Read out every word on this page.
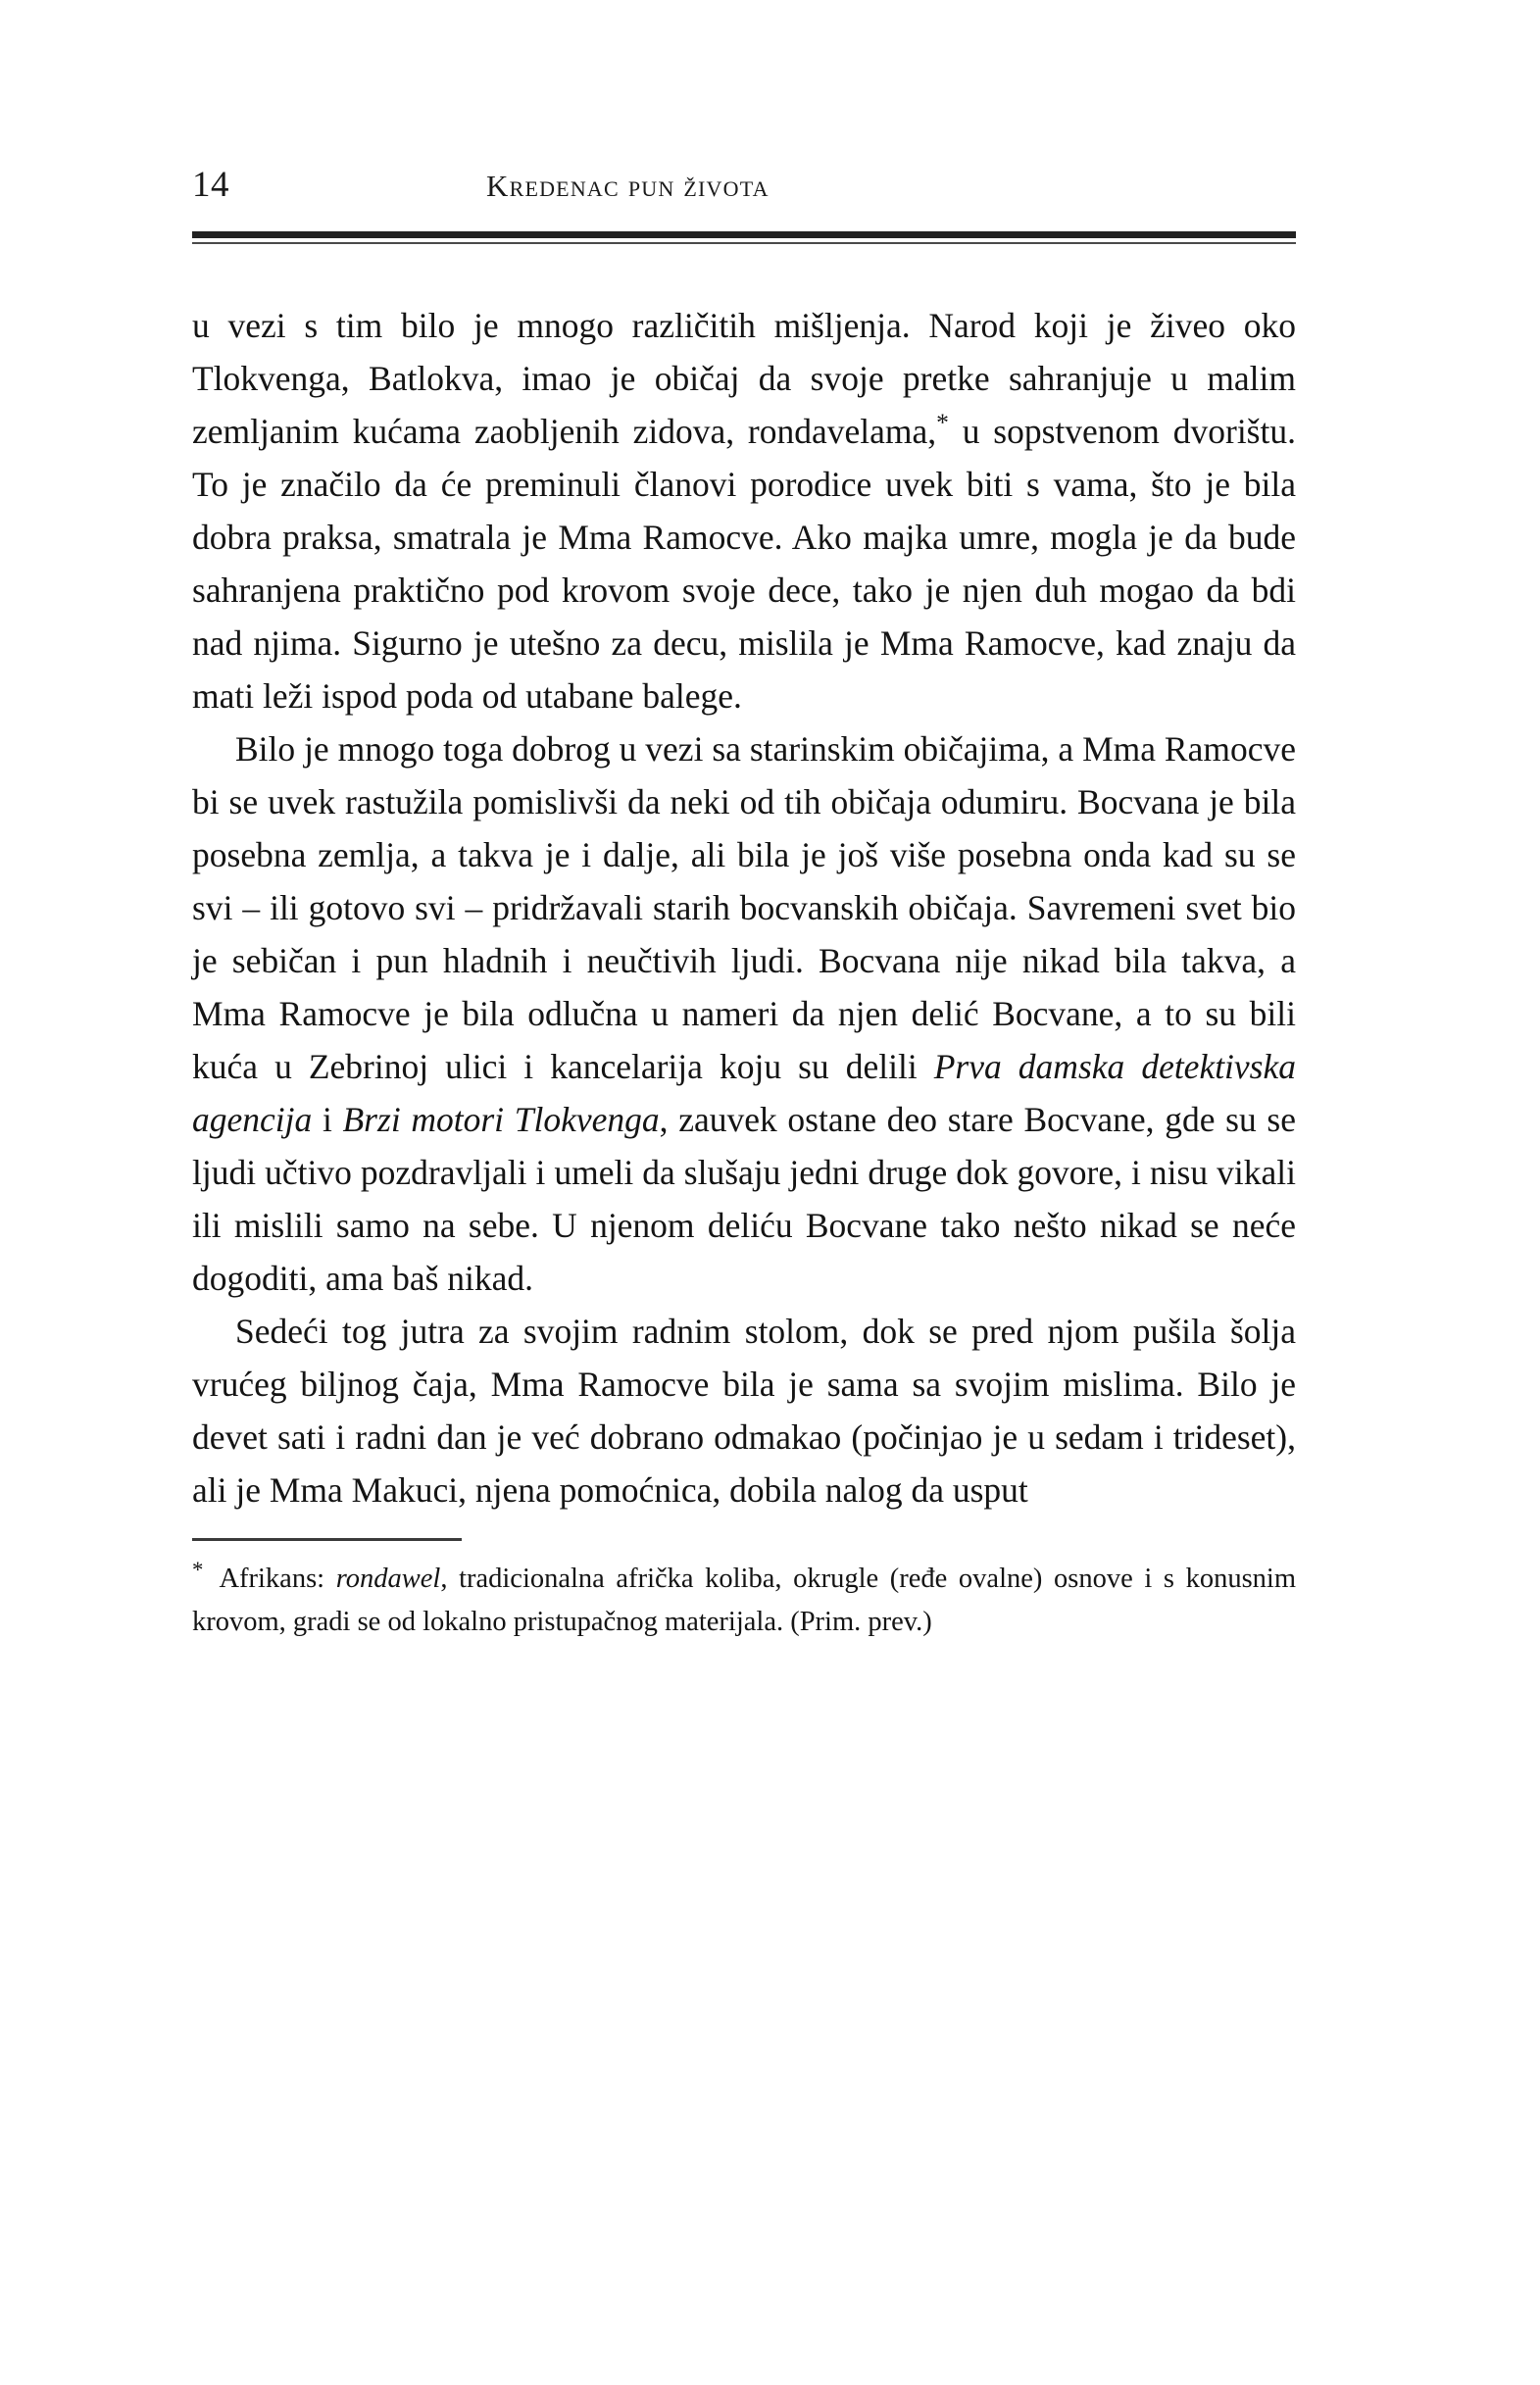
14	Kredenac pun života

u vezi s tim bilo je mnogo različitih mišljenja. Narod koji je živeo oko Tlokvenga, Batlokva, imao je običaj da svoje pretke sahranjuje u malim zemljanim kućama zaobljenih zidova, rondavelama,* u sopstvenom dvorištu. To je značilo da će preminuli članovi porodice uvek biti s vama, što je bila dobra praksa, smatrala je Mma Ramocve. Ako majka umre, mogla je da bude sahranjena praktično pod krovom svoje dece, tako je njen duh mogao da bdi nad njima. Sigurno je utešno za decu, mislila je Mma Ramocve, kad znaju da mati leži ispod poda od utabane balege.

Bilo je mnogo toga dobrog u vezi sa starinskim običajima, a Mma Ramocve bi se uvek rastužila pomislivši da neki od tih običaja odumiru. Bocvana je bila posebna zemlja, a takva je i dalje, ali bila je još više posebna onda kad su se svi – ili gotovo svi – pridržavali starih bocvanskih običaja. Savremeni svet bio je sebičan i pun hladnih i neučtivih ljudi. Bocvana nije nikad bila takva, a Mma Ramocve je bila odlučna u nameri da njen delić Bocvane, a to su bili kuća u Zebrinoj ulici i kancelarija koju su delili Prva damska detektivska agencija i Brzi motori Tlokvenga, zauvek ostane deo stare Bocvane, gde su se ljudi učtivo pozdravljali i umeli da slušaju jedni druge dok govore, i nisu vikali ili mislili samo na sebe. U njenom deliću Bocvane tako nešto nikad se neće dogoditi, ama baš nikad.

Sedeći tog jutra za svojim radnim stolom, dok se pred njom pušila šolja vrućeg biljnog čaja, Mma Ramocve bila je sama sa svojim mislima. Bilo je devet sati i radni dan je već dobrano odmakao (počinjao je u sedam i trideset), ali je Mma Makuci, njena pomoćnica, dobila nalog da usput

* Afrikans: rondawel, tradicionalna afrička koliba, okrugle (ređe ovalne) osnove i s konusnim krovom, gradi se od lokalno pristupačnog materijala. (Prim. prev.)
